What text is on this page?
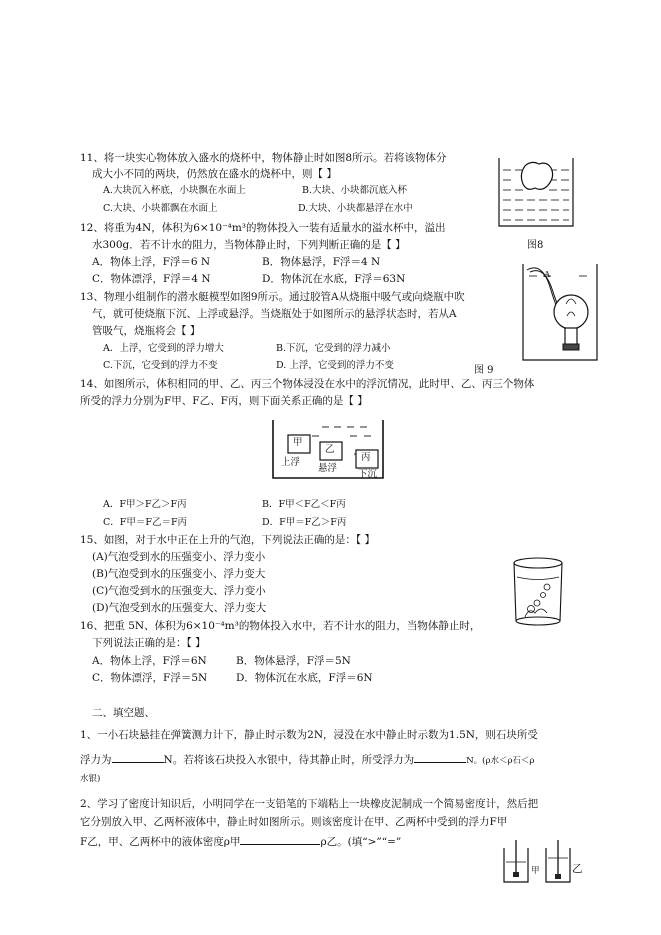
11、将一块实心物体放入盛水的烧杯中，物体静止时如图8所示。若将该物体分
成大小不同的两块，仍然放在盛水的烧杯中，则【 】
A.大块沉入杯底，小块飘在水面上	B.大块、小块都沉底入杯
C.大块、小块都飘在水面上	D.大块、小块都悬浮在水中
图8
12、将重为4N，体积为6×10⁻⁴m³的物体投入一装有适量水的溢水杯中，溢出
水300g．若不计水的阻力，当物体静止时，下列判断正确的是【 】
A．物体上浮，F浮＝6 N	B．物体悬浮，F浮＝4 N
C．物体漂浮，F浮＝4 N	D．物体沉在水底，F浮＝63N
13、物理小组制作的潜水艇模型如图9所示。通过胶管A从烧瓶中吸气或向烧瓶中吹
气，就可使烧瓶下沉、上浮或悬浮。当烧瓶处于如图所示的悬浮状态时，若从A
管吸气，烧瓶将会【 】
A．上浮，它受到的浮力增大	B.下沉，它受到的浮力减小
C.下沉，它受到的浮力不变	D. 上浮，它受到的浮力不变
A
图 9
14、如图所示，体积相同的甲、乙、丙三个物体浸没在水中的浮沉情况，此时甲、乙、丙三个物体
所受的浮力分别为F甲、F乙、F丙，则下面关系正确的是【 】
甲
乙
丙
上浮
悬浮
下沉
A．F甲＞F乙＞F丙	B．F甲＜F乙＜F丙
C．F甲＝F乙＝F丙	D．F甲＝F乙＞F丙
15、如图，对于水中正在上升的气泡，下列说法正确的是：【 】
(A)气泡受到水的压强变小、浮力变小
(B)气泡受到水的压强变小、浮力变大
(C)气泡受到水的压强变大、浮力变小
(D)气泡受到水的压强变大、浮力变大
16、把重 5N、体积为6×10⁻⁴m³的物体投入水中，若不计水的阻力，当物体静止时，
下列说法正确的是：【 】
A．物体上浮，F浮＝6N	B．物体悬浮，F浮＝5N
C．物体漂浮，F浮＝5N	D．物体沉在水底，F浮＝6N
二、填空题、
1、一小石块悬挂在弹簧测力计下，静止时示数为2N，浸没在水中静止时示数为1.5N，则石块所受
浮力为	N。若将该石块投入水银中，待其静止时，所受浮力为	N。(ρ水＜ρ石＜ρ
水银)
2、学习了密度计知识后，小明同学在一支铅笔的下端粘上一块橡皮泥制成一个简易密度计，然后把
它分别放入甲、乙两杯液体中，静止时如图所示。则该密度计在甲、乙两杯中受到的浮力F甲
F乙，甲、乙两杯中的液体密度ρ甲	ρ乙。(填“>”“=”
甲	乙
